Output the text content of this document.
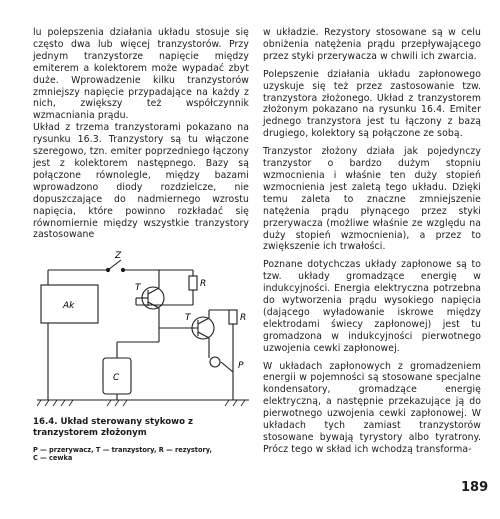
lu polepszenia działania układu stosuje się często dwa lub więcej tranzystorów. Przy jednym tranzystorze napięcie między emiterem a kolektorem może wypadać zbyt duże. Wprowadzenie kilku tranzystorów zmniejszy napięcie przypadające na każdy z nich, zwiększy też współczynnik wzmacniania prądu.

Układ z trzema tranzystorami pokazano na rysunku 16.3. Tranzystory są tu włączone szeregowo, tzn. emiter poprzedniego łączony jest z kolektorem następnego. Bazy są połączone równolegle, między bazami wprowadzono diody rozdzielcze, nie dopuszczające do nadmiernego wzrostu napięcia, które powinno rozkładać się równomiernie między wszystkie tranzystory zastosowane

w układzie. Rezystory stosowane są w celu obniżenia natężenia prądu przepływającego przez styki przerywacza w chwili ich zwarcia.

Polepszenie działania układu zapłonowego uzyskuje się też przez zastosowanie tzw. tranzystora złożonego. Układ z tranzystorem złożonym pokazano na rysunku 16.4. Emiter jednego tranzystora jest tu łączony z bazą drugiego, kolektory są połączone ze sobą.

Tranzystor złożony działa jak pojedynczy tranzystor o bardzo dużym stopniu wzmocnienia i właśnie ten duży stopień wzmocnienia jest zaletą tego układu. Dzięki temu zaleta to znaczne zmniejszenie natężenia prądu płynącego przez styki przerywacza (możliwe właśnie ze względu na duży stopień wzmocnienia), a przez to zwiększenie ich trwałości.

Poznane dotychczas układy zapłonowe są to tzw. układy gromadzące energię w indukcyjności. Energia elektryczna potrzebna do wytworzenia prądu wysokiego napięcia (dającego wyładowanie iskrowe między elektrodami świecy zapłonowej) jest tu gromadzona w indukcyjności pierwotnego uzwojenia cewki zapłonowej.

W układach zapłonowych z gromadzeniem energii w pojemności są stosowane specjalne kondensatory, gromadzące energię elektryczną, a następnie przekazujące ją do pierwotnego uzwojenia cewki zapłonowej. W układach tych zamiast tranzystorów stosowane bywają tyrystory albo tyratrony. Prócz tego w skład ich wchodzą transforma-

Ak
Z
T
T
R
R
C
P
16.4. Układ sterowany stykowo z tranzystorem złożonym
P — przerywacz, T — tranzystory, R — rezystory,
C — cewka
189
